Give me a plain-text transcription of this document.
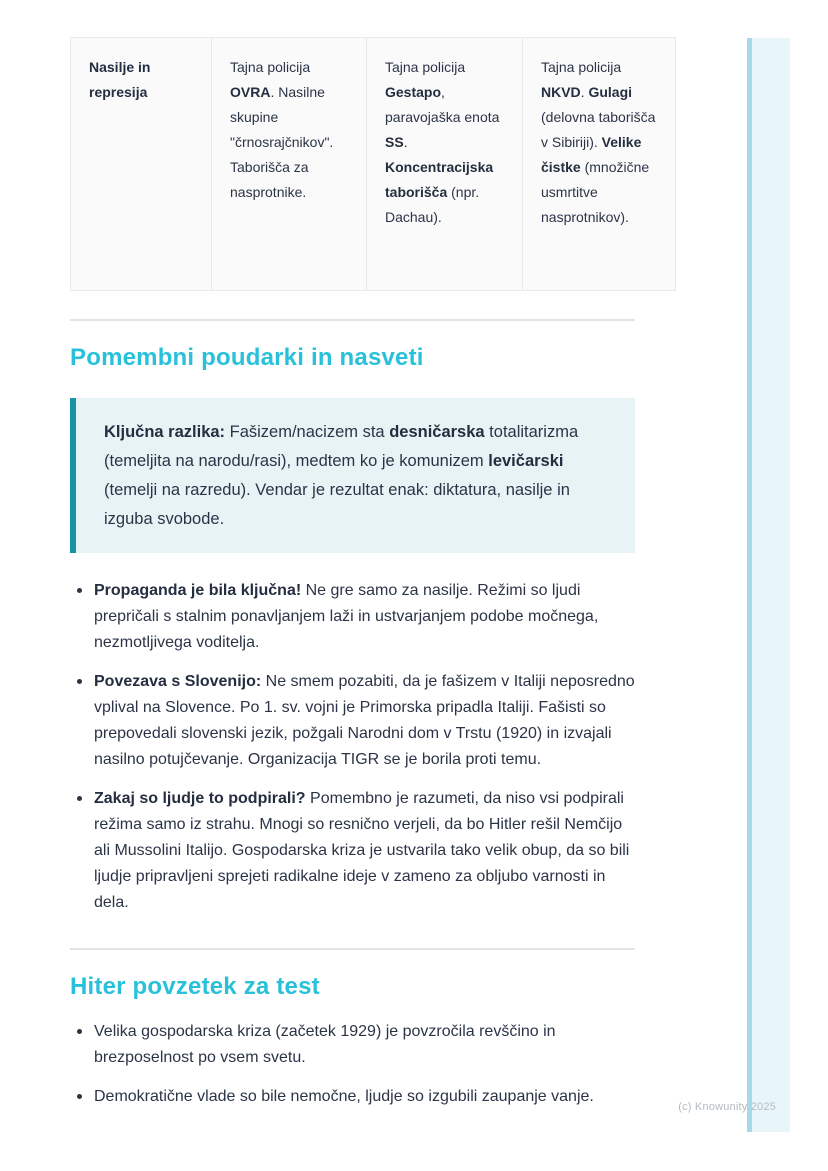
Nasilje in represija	Tajna policija OVRA. Nasilne skupine "črnosrajčnikov". Taborišča za nasprotnike.	Tajna policija Gestapo, paravojaška enota SS. Koncentracijska taborišča (npr. Dachau).	Tajna policija NKVD. Gulagi (delovna taborišča v Sibiriji). Velike čistke (množične usmrtitve nasprotnikov).
Pomembni poudarki in nasveti

Ključna razlika: Fašizem/nacizem sta desničarska totalitarizma (temeljita na narodu/rasi), medtem ko je komunizem levičarski (temelji na razredu). Vendar je rezultat enak: diktatura, nasilje in izguba svobode.

Propaganda je bila ključna! Ne gre samo za nasilje. Režimi so ljudi prepričali s stalnim ponavljanjem laži in ustvarjanjem podobe močnega, nezmotljivega voditelja.
Povezava s Slovenijo: Ne smem pozabiti, da je fašizem v Italiji neposredno vplival na Slovence. Po 1. sv. vojni je Primorska pripadla Italiji. Fašisti so prepovedali slovenski jezik, požgali Narodni dom v Trstu (1920) in izvajali nasilno potujčevanje. Organizacija TIGR se je borila proti temu.
Zakaj so ljudje to podpirali? Pomembno je razumeti, da niso vsi podpirali režima samo iz strahu. Mnogi so resnično verjeli, da bo Hitler rešil Nemčijo ali Mussolini Italijo. Gospodarska kriza je ustvarila tako velik obup, da so bili ljudje pripravljeni sprejeti radikalne ideje v zameno za obljubo varnosti in dela.
Hiter povzetek za test
Velika gospodarska kriza (začetek 1929) je povzročila revščino in brezposelnost po vsem svetu.
Demokratične vlade so bile nemočne, ljudje so izgubili zaupanje vanje.
(c) Knowunity 2025
